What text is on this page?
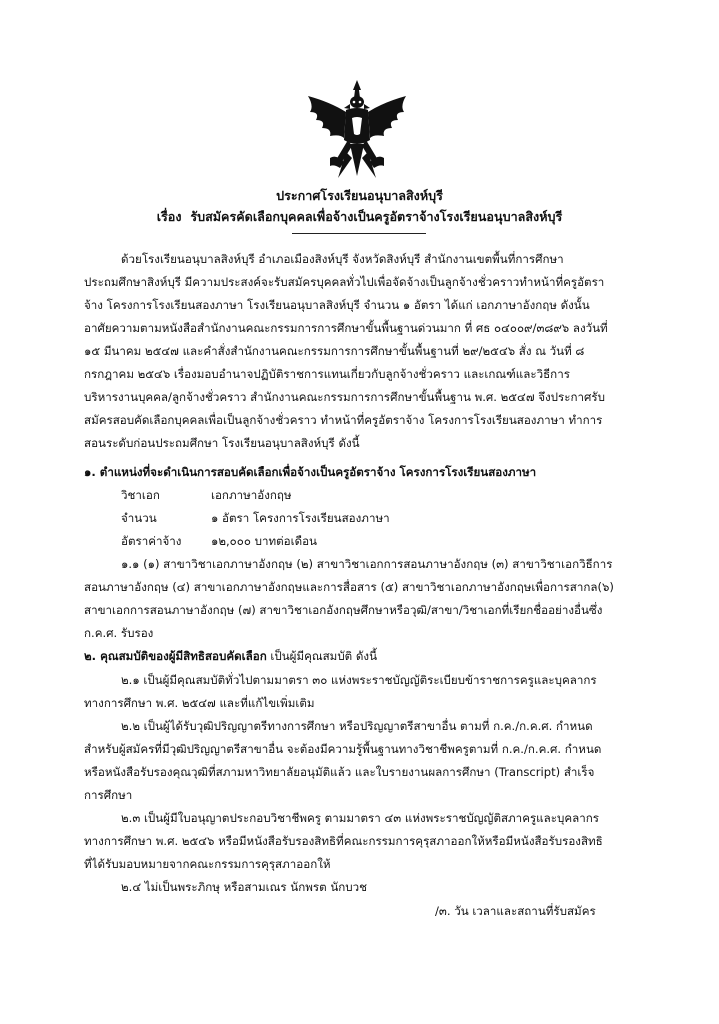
ประกาศโรงเรียนอนุบาลสิงห์บุรี
เรื่อง รับสมัครคัดเลือกบุคคลเพื่อจ้างเป็นครูอัตราจ้างโรงเรียนอนุบาลสิงห์บุรี
ด้วยโรงเรียนอนุบาลสิงห์บุรี อำเภอเมืองสิงห์บุรี จังหวัดสิงห์บุรี สำนักงานเขตพื้นที่การศึกษา
ประถมศึกษาสิงห์บุรี มีความประสงค์จะรับสมัครบุคคลทั่วไปเพื่อจัดจ้างเป็นลูกจ้างชั่วคราวทำหน้าที่ครูอัตรา
จ้าง โครงการโรงเรียนสองภาษา โรงเรียนอนุบาลสิงห์บุรี จำนวน ๑ อัตรา ได้แก่ เอกภาษาอังกฤษ ดังนั้น
อาศัยความตามหนังสือสำนักงานคณะกรรมการการศึกษาขั้นพื้นฐานด่วนมาก ที่ ศธ ๐๔๐๐๙/๓๘๙๖ ลงวันที่
๑๕ มีนาคม ๒๕๔๗ และคำสั่งสำนักงานคณะกรรมการการศึกษาขั้นพื้นฐานที่ ๒๙/๒๕๔๖ สั่ง ณ วันที่ ๘
กรกฎาคม ๒๕๔๖ เรื่องมอบอำนาจปฏิบัติราชการแทนเกี่ยวกับลูกจ้างชั่วคราว และเกณฑ์และวิธีการ
บริหารงานบุคคล/ลูกจ้างชั่วคราว สำนักงานคณะกรรมการการศึกษาขั้นพื้นฐาน พ.ศ. ๒๕๔๗ จึงประกาศรับ
สมัครสอบคัดเลือกบุคคลเพื่อเป็นลูกจ้างชั่วคราว ทำหน้าที่ครูอัตราจ้าง โครงการโรงเรียนสองภาษา ทำการ
สอนระดับก่อนประถมศึกษา โรงเรียนอนุบาลสิงห์บุรี ดังนี้
๑. ตำแหน่งที่จะดำเนินการสอบคัดเลือกเพื่อจ้างเป็นครูอัตราจ้าง โครงการโรงเรียนสองภาษา
วิชาเอก	เอกภาษาอังกฤษ
จำนวน	๑ อัตรา โครงการโรงเรียนสองภาษา
อัตราค่าจ้าง	๑๒,๐๐๐ บาทต่อเดือน
๑.๑ (๑) สาขาวิชาเอกภาษาอังกฤษ (๒) สาขาวิชาเอกการสอนภาษาอังกฤษ (๓) สาขาวิชาเอกวิธีการ
สอนภาษาอังกฤษ (๔) สาขาเอกภาษาอังกฤษและการสื่อสาร (๕) สาขาวิชาเอกภาษาอังกฤษเพื่อการสากล(๖)
สาขาเอกการสอนภาษาอังกฤษ (๗) สาขาวิชาเอกอังกฤษศึกษาหรือวุฒิ/สาขา/วิชาเอกที่เรียกชื่ออย่างอื่นซึ่ง
ก.ค.ศ. รับรอง
๒. คุณสมบัติของผู้มีสิทธิสอบคัดเลือก เป็นผู้มีคุณสมบัติ ดังนี้
๒.๑ เป็นผู้มีคุณสมบัติทั่วไปตามมาตรา ๓๐ แห่งพระราชบัญญัติระเบียบข้าราชการครูและบุคลากร
ทางการศึกษา พ.ศ. ๒๕๔๗ และที่แก้ไขเพิ่มเติม
๒.๒ เป็นผู้ได้รับวุฒิปริญญาตรีทางการศึกษา หรือปริญญาตรีสาขาอื่น ตามที่ ก.ค./ก.ค.ศ. กำหนด
สำหรับผู้สมัครที่มีวุฒิปริญญาตรีสาขาอื่น จะต้องมีความรู้พื้นฐานทางวิชาชีพครูตามที่ ก.ค./ก.ค.ศ. กำหนด
หรือหนังสือรับรองคุณวุฒิที่สภามหาวิทยาลัยอนุมัติแล้ว และใบรายงานผลการศึกษา (Transcript) สำเร็จ
การศึกษา
๒.๓ เป็นผู้มีใบอนุญาตประกอบวิชาชีพครู ตามมาตรา ๔๓ แห่งพระราชบัญญัติสภาครูและบุคลากร
ทางการศึกษา พ.ศ. ๒๕๔๖ หรือมีหนังสือรับรองสิทธิที่คณะกรรมการคุรุสภาออกให้หรือมีหนังสือรับรองสิทธิ
ที่ได้รับมอบหมายจากคณะกรรมการคุรุสภาออกให้
๒.๔ ไม่เป็นพระภิกษุ หรือสามเณร นักพรต นักบวช
/๓. วัน เวลาและสถานที่รับสมัคร
